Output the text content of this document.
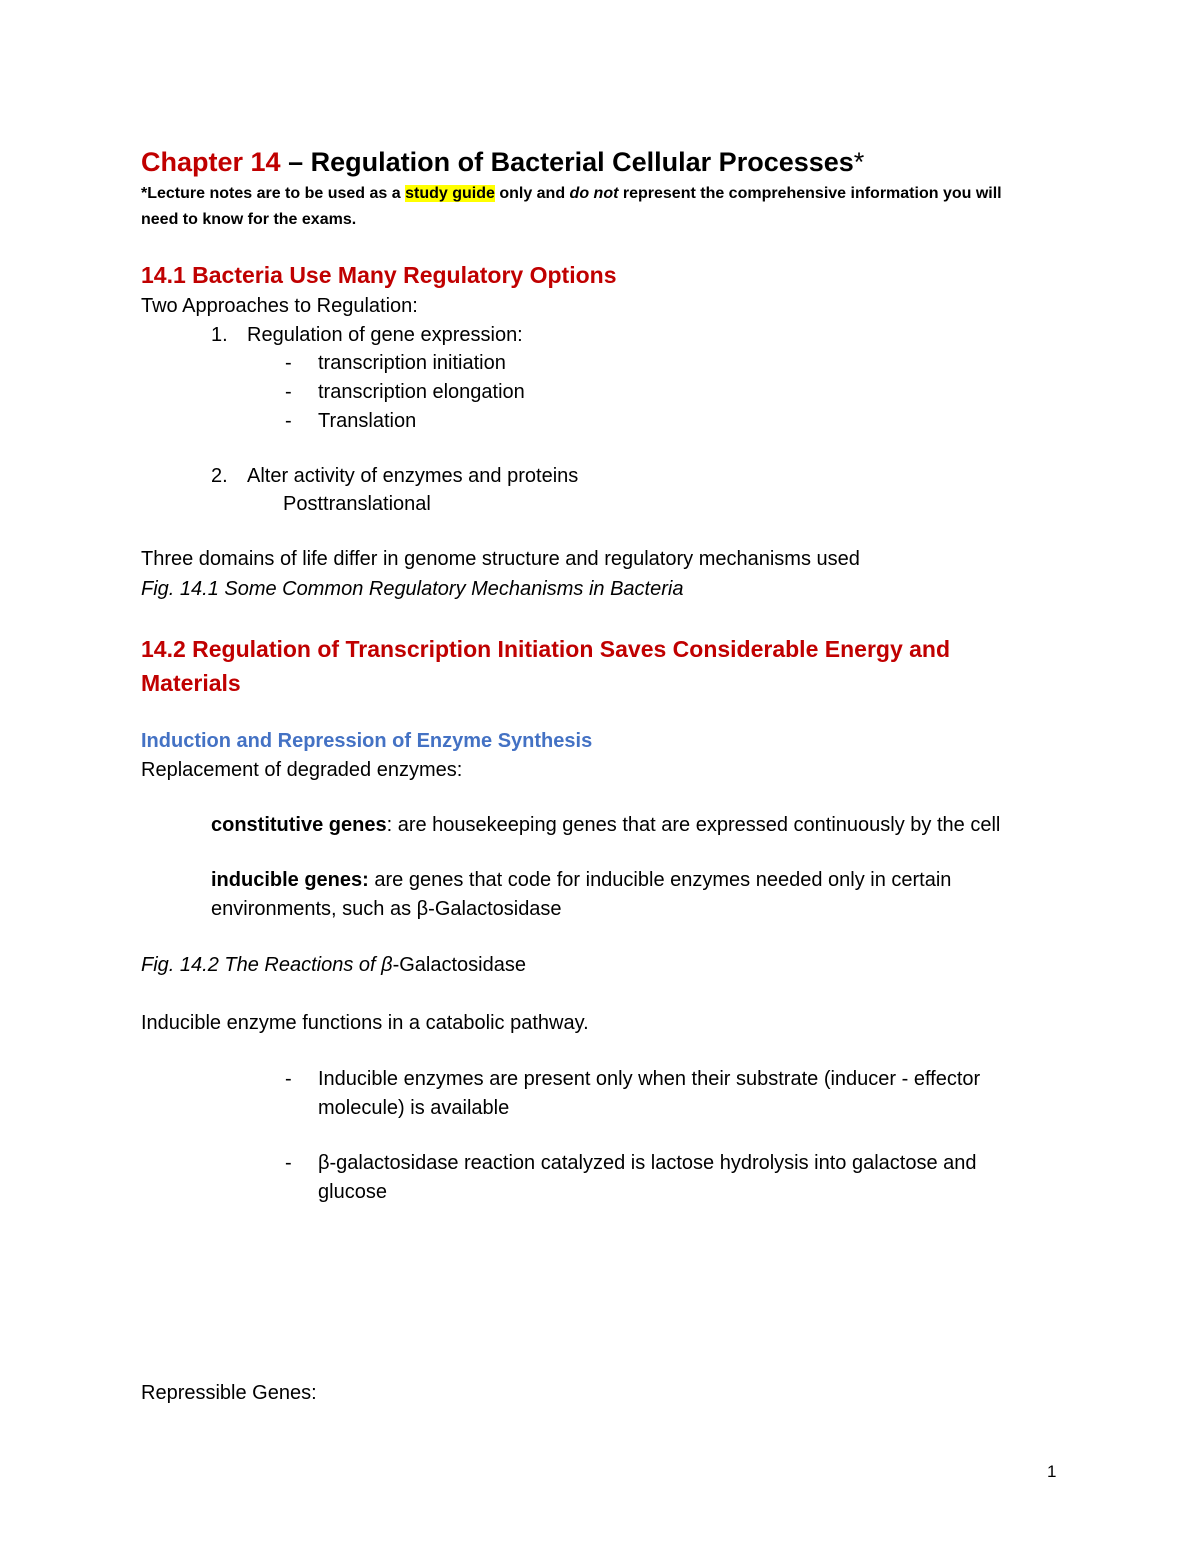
Chapter 14 – Regulation of Bacterial Cellular Processes*
*Lecture notes are to be used as a study guide only and do not represent the comprehensive information you will
need to know for the exams.
14.1 Bacteria Use Many Regulatory Options
Two Approaches to Regulation:
1. Regulation of gene expression:
- transcription initiation
- transcription elongation
- Translation
2. Alter activity of enzymes and proteins
Posttranslational
Three domains of life differ in genome structure and regulatory mechanisms used
Fig. 14.1 Some Common Regulatory Mechanisms in Bacteria
14.2 Regulation of Transcription Initiation Saves Considerable Energy and
Materials
Induction and Repression of Enzyme Synthesis
Replacement of degraded enzymes:
constitutive genes: are housekeeping genes that are expressed continuously by the cell
inducible genes: are genes that code for inducible enzymes needed only in certain
environments, such as β-Galactosidase
Fig. 14.2 The Reactions of β-Galactosidase
Inducible enzyme functions in a catabolic pathway.
- Inducible enzymes are present only when their substrate (inducer - effector
molecule) is available
- β-galactosidase reaction catalyzed is lactose hydrolysis into galactose and
glucose
Repressible Genes:
1
